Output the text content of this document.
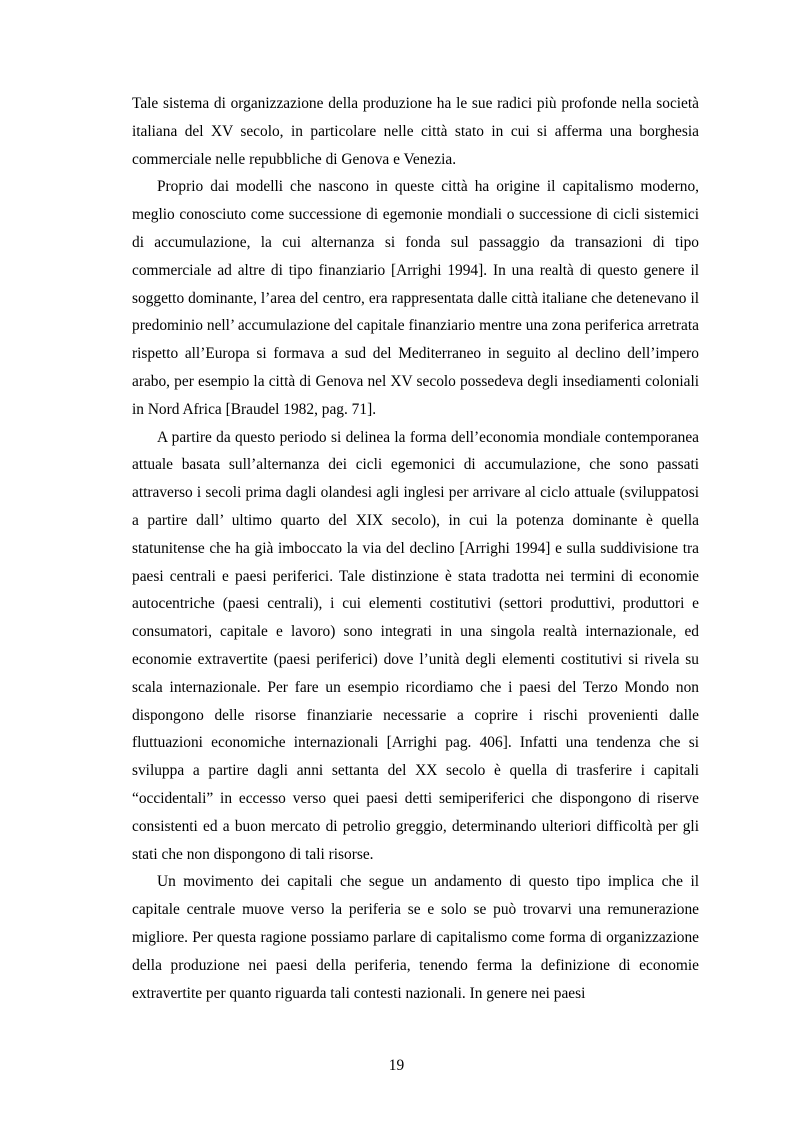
Tale sistema di organizzazione della produzione ha le sue radici più profonde nella società italiana del XV secolo, in particolare nelle città stato in cui si afferma una borghesia commerciale nelle repubbliche di Genova e Venezia.

Proprio dai modelli che nascono in queste città ha origine il capitalismo moderno, meglio conosciuto come successione di egemonie mondiali o successione di cicli sistemici di accumulazione, la cui alternanza si fonda sul passaggio da transazioni di tipo commerciale ad altre di tipo finanziario [Arrighi 1994]. In una realtà di questo genere il soggetto dominante, l’area del centro, era rappresentata dalle città italiane che detenevano il predominio nell’ accumulazione del capitale finanziario mentre una zona periferica arretrata rispetto all’Europa si formava a sud del Mediterraneo in seguito al declino dell’impero arabo, per esempio la città di Genova nel XV secolo possedeva degli insediamenti coloniali in Nord Africa [Braudel 1982, pag. 71].

A partire da questo periodo si delinea la forma dell’economia mondiale contemporanea attuale basata sull’alternanza dei cicli egemonici di accumulazione, che sono passati attraverso i secoli prima dagli olandesi agli inglesi per arrivare al ciclo attuale (sviluppatosi a partire dall’ ultimo quarto del XIX secolo), in cui la potenza dominante è quella statunitense che ha già imboccato la via del declino [Arrighi 1994] e sulla suddivisione tra paesi centrali e paesi periferici. Tale distinzione è stata tradotta nei termini di economie autocentriche (paesi centrali), i cui elementi costitutivi (settori produttivi, produttori e consumatori, capitale e lavoro) sono integrati in una singola realtà internazionale, ed economie extravertite (paesi periferici) dove l’unità degli elementi costitutivi si rivela su scala internazionale. Per fare un esempio ricordiamo che i paesi del Terzo Mondo non dispongono delle risorse finanziarie necessarie a coprire i rischi provenienti dalle fluttuazioni economiche internazionali [Arrighi pag. 406]. Infatti una tendenza che si sviluppa a partire dagli anni settanta del XX secolo è quella di trasferire i capitali “occidentali” in eccesso verso quei paesi detti semiperiferici che dispongono di riserve consistenti ed a buon mercato di petrolio greggio, determinando ulteriori difficoltà per gli stati che non dispongono di tali risorse.

Un movimento dei capitali che segue un andamento di questo tipo implica che il capitale centrale muove verso la periferia se e solo se può trovarvi una remunerazione migliore. Per questa ragione possiamo parlare di capitalismo come forma di organizzazione della produzione nei paesi della periferia, tenendo ferma la definizione di economie extravertite per quanto riguarda tali contesti nazionali. In genere nei paesi

19
